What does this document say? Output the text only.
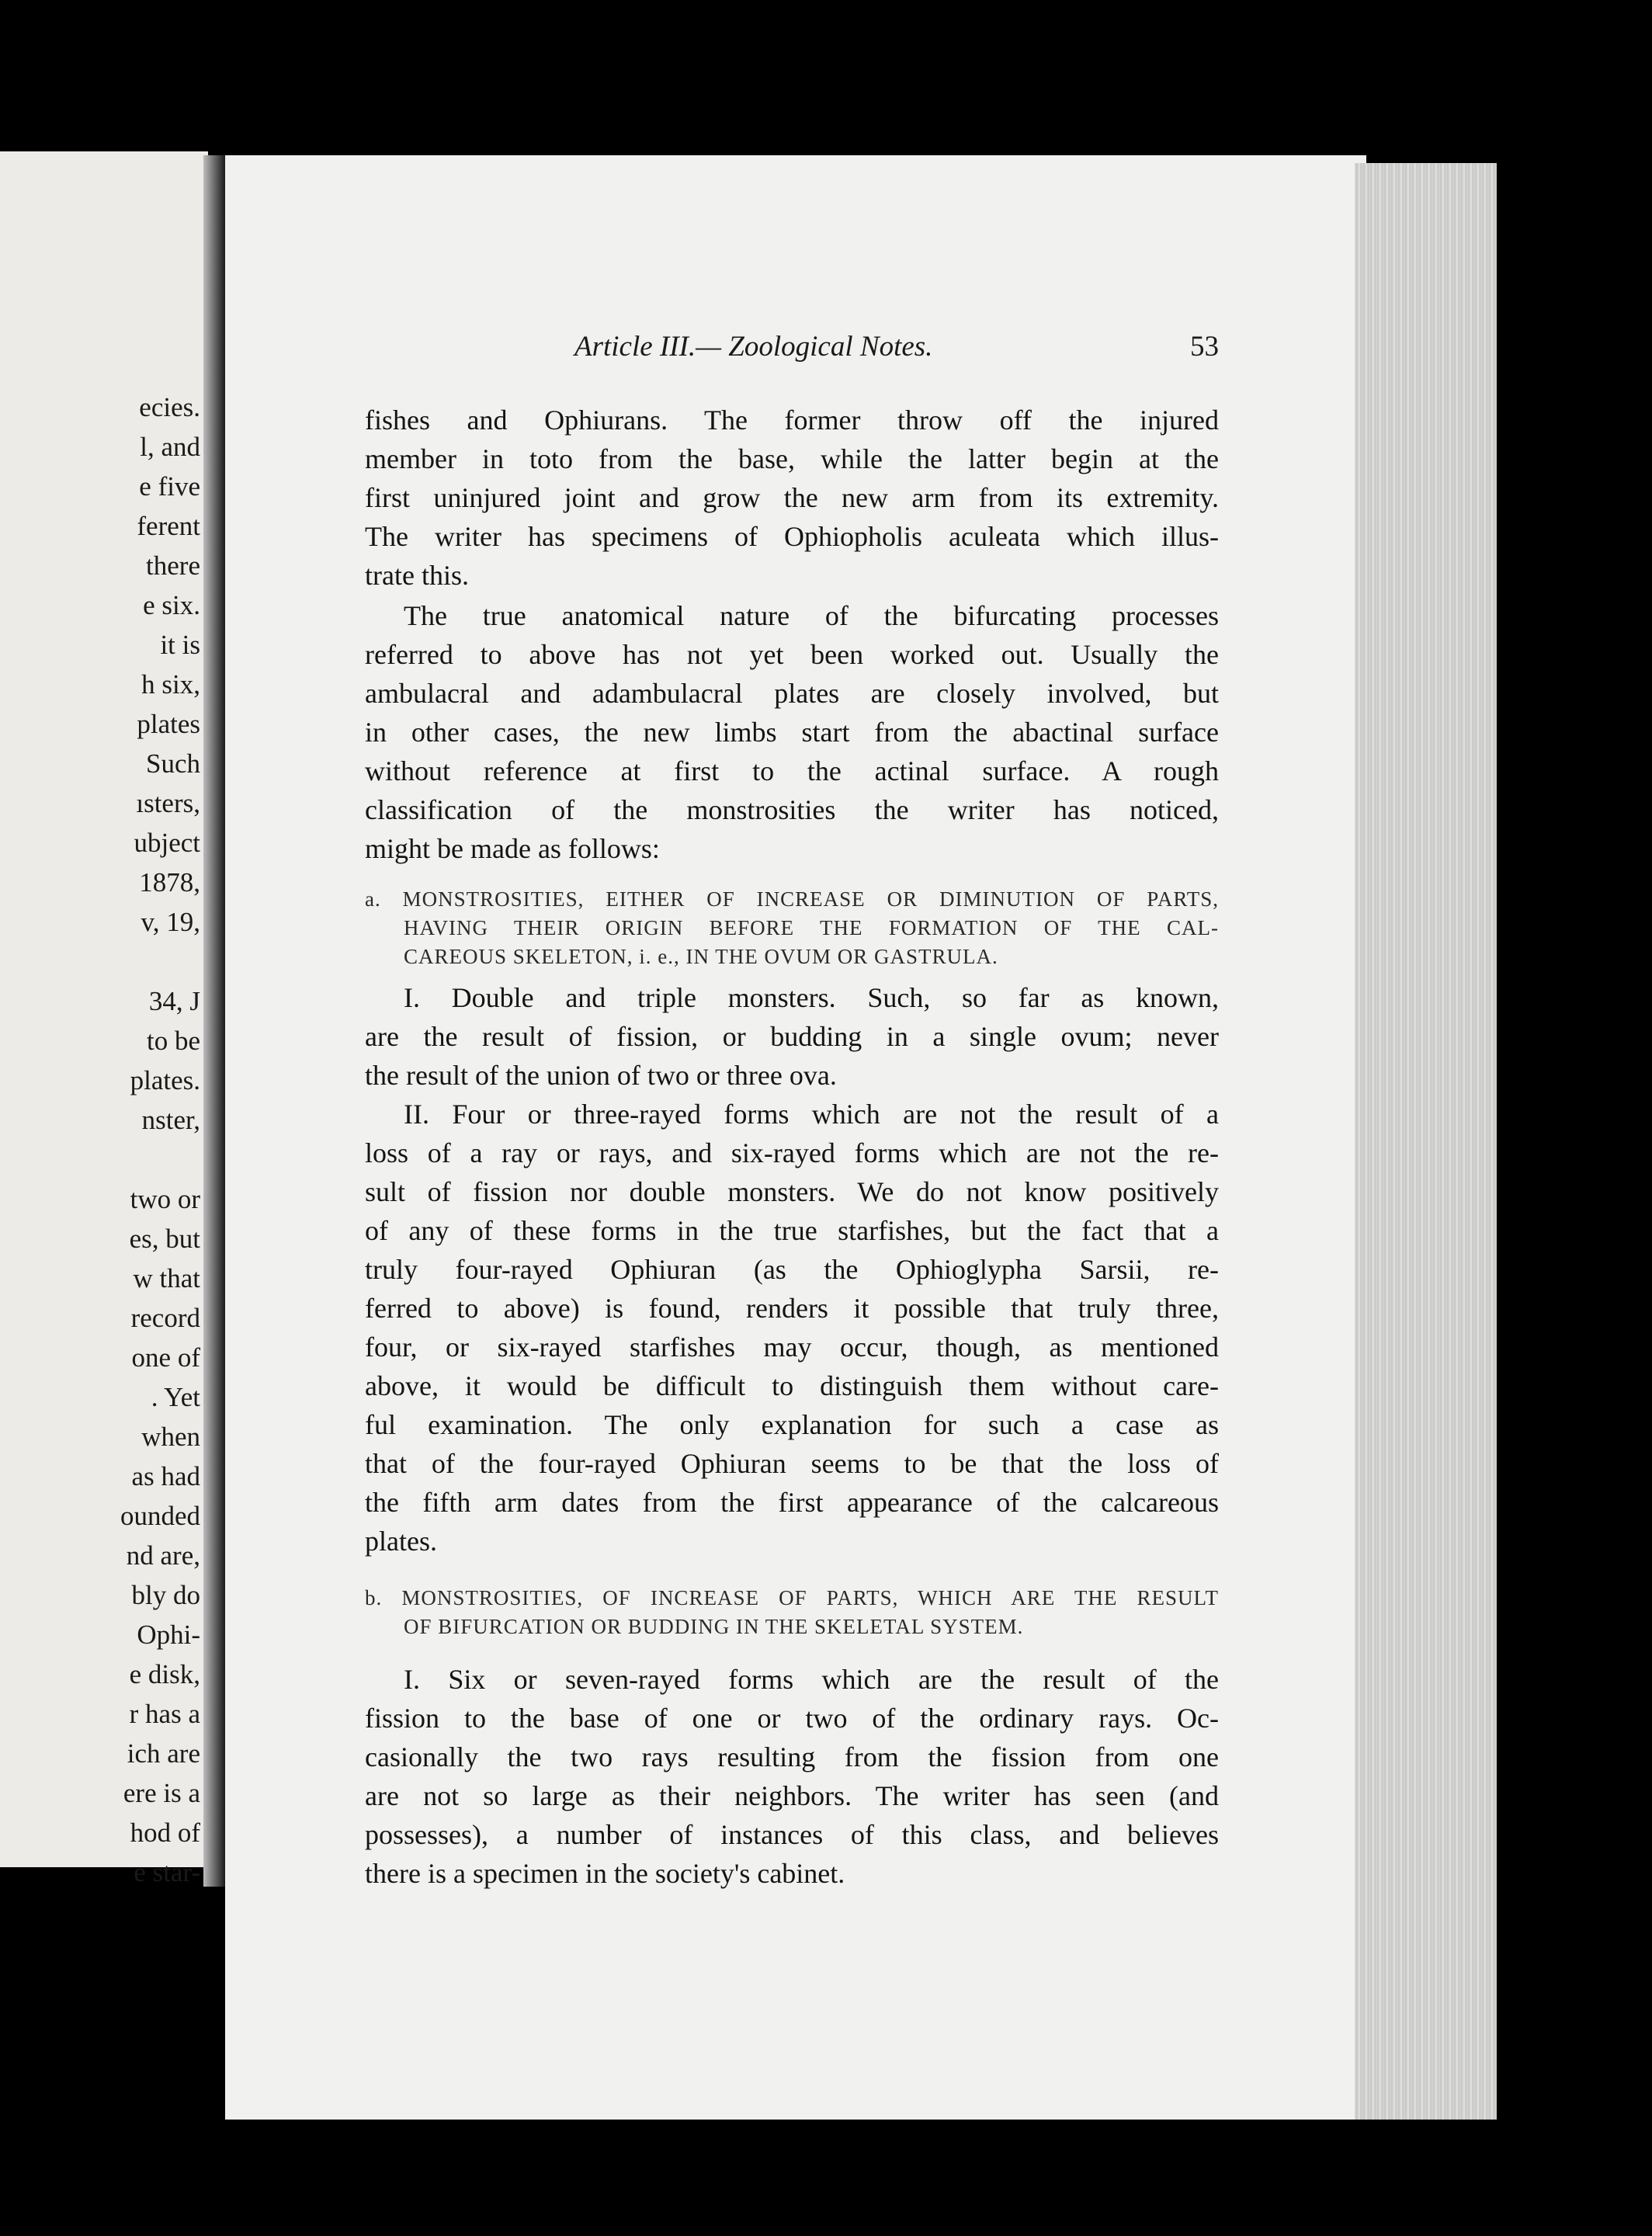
ecies.
l, and
e five
ferent
there
e six.
it is
h six,
plates
Such
ısters,
ubject
1878,
v, 19,
34, J
to be
plates.
nster,
two or
es, but
w that
record
one of
. Yet
when
as had
ounded
nd are,
bly do
Ophi-
e disk,
r has a
ich are
ere is a
hod of
e star-
Article III.— Zoological Notes.	53
fishes and Ophiurans. The former throw off the injured
member in toto from the base, while the latter begin at the
first uninjured joint and grow the new arm from its extremity.
The writer has specimens of Ophiopholis aculeata which illus-
trate this.
The true anatomical nature of the bifurcating processes
referred to above has not yet been worked out. Usually the
ambulacral and adambulacral plates are closely involved, but
in other cases, the new limbs start from the abactinal surface
without reference at first to the actinal surface. A rough
classification of the monstrosities the writer has noticed,
might be made as follows:
a. MONSTROSITIES, EITHER OF INCREASE OR DIMINUTION OF PARTS,
HAVING THEIR ORIGIN BEFORE THE FORMATION OF THE CAL-
CAREOUS SKELETON, i. e., IN THE OVUM OR GASTRULA.
I. Double and triple monsters. Such, so far as known,
are the result of fission, or budding in a single ovum; never
the result of the union of two or three ova.
II. Four or three-rayed forms which are not the result of a
loss of a ray or rays, and six-rayed forms which are not the re-
sult of fission nor double monsters. We do not know positively
of any of these forms in the true starfishes, but the fact that a
truly four-rayed Ophiuran (as the Ophioglypha Sarsii, re-
ferred to above) is found, renders it possible that truly three,
four, or six-rayed starfishes may occur, though, as mentioned
above, it would be difficult to distinguish them without care-
ful examination. The only explanation for such a case as
that of the four-rayed Ophiuran seems to be that the loss of
the fifth arm dates from the first appearance of the calcareous
plates.
b. MONSTROSITIES, OF INCREASE OF PARTS, WHICH ARE THE RESULT
OF BIFURCATION OR BUDDING IN THE SKELETAL SYSTEM.
I. Six or seven-rayed forms which are the result of the
fission to the base of one or two of the ordinary rays. Oc-
casionally the two rays resulting from the fission from one
are not so large as their neighbors. The writer has seen (and
possesses), a number of instances of this class, and believes
there is a specimen in the society's cabinet.
